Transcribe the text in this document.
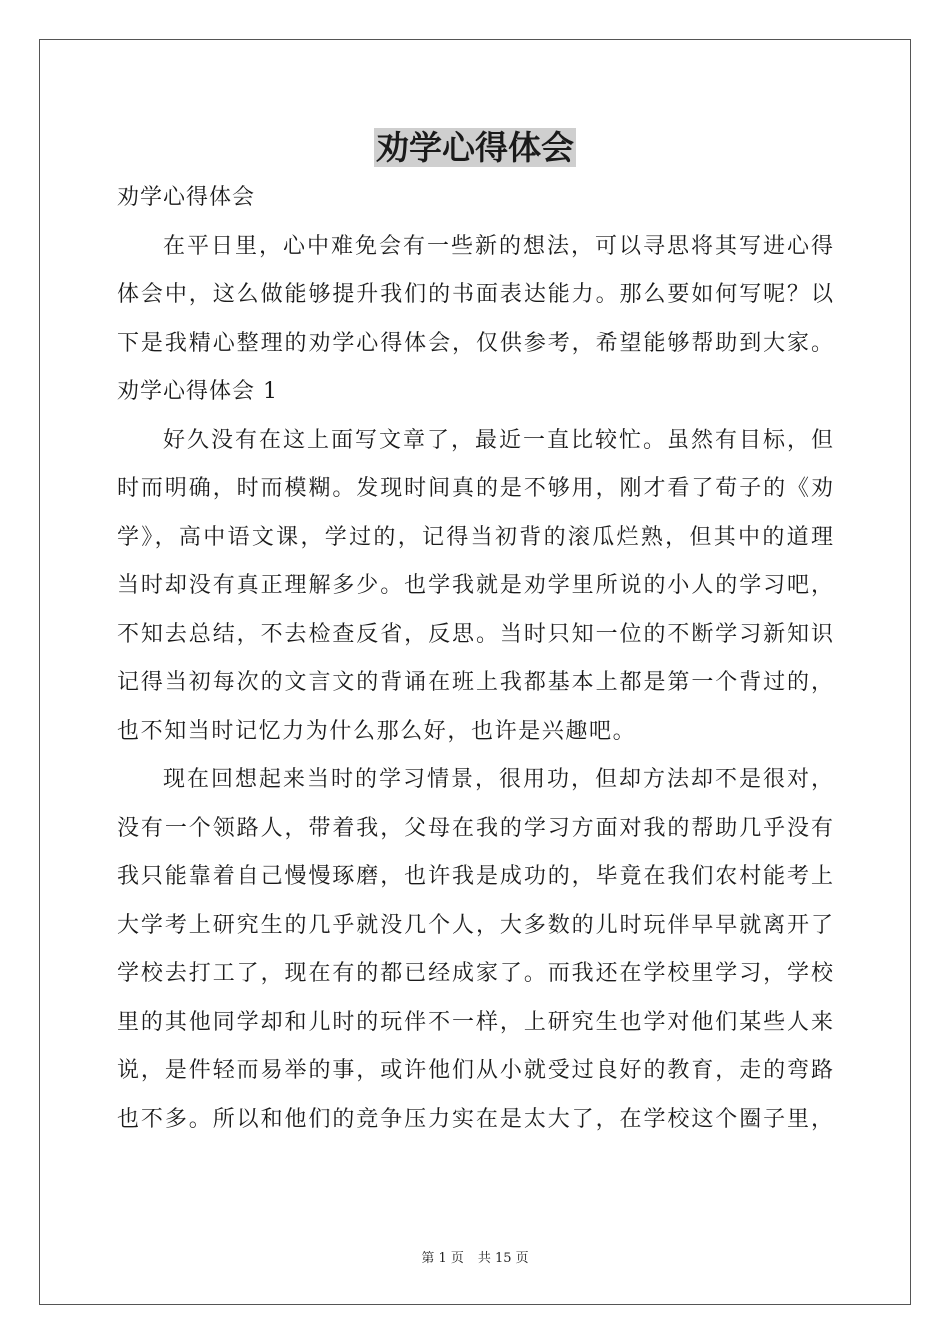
劝学心得体会
劝学心得体会
在平日里，心中难免会有一些新的想法，可以寻思将其写进心得
体会中，这么做能够提升我们的书面表达能力。那么要如何写呢？以
下是我精心整理的劝学心得体会，仅供参考，希望能够帮助到大家。
劝学心得体会 1
好久没有在这上面写文章了，最近一直比较忙。虽然有目标，但
时而明确，时而模糊。发现时间真的是不够用，刚才看了荀子的《劝
学》，高中语文课，学过的，记得当初背的滚瓜烂熟，但其中的道理
当时却没有真正理解多少。也学我就是劝学里所说的小人的学习吧，
不知去总结，不去检查反省，反思。当时只知一位的不断学习新知识
记得当初每次的文言文的背诵在班上我都基本上都是第一个背过的，
也不知当时记忆力为什么那么好，也许是兴趣吧。
现在回想起来当时的学习情景，很用功，但却方法却不是很对，
没有一个领路人，带着我，父母在我的学习方面对我的帮助几乎没有
我只能靠着自己慢慢琢磨，也许我是成功的，毕竟在我们农村能考上
大学考上研究生的几乎就没几个人，大多数的儿时玩伴早早就离开了
学校去打工了，现在有的都已经成家了。而我还在学校里学习，学校
里的其他同学却和儿时的玩伴不一样，上研究生也学对他们某些人来
说，是件轻而易举的事，或许他们从小就受过良好的教育，走的弯路
也不多。所以和他们的竞争压力实在是太大了，在学校这个圈子里，
第 1 页 共 15 页
